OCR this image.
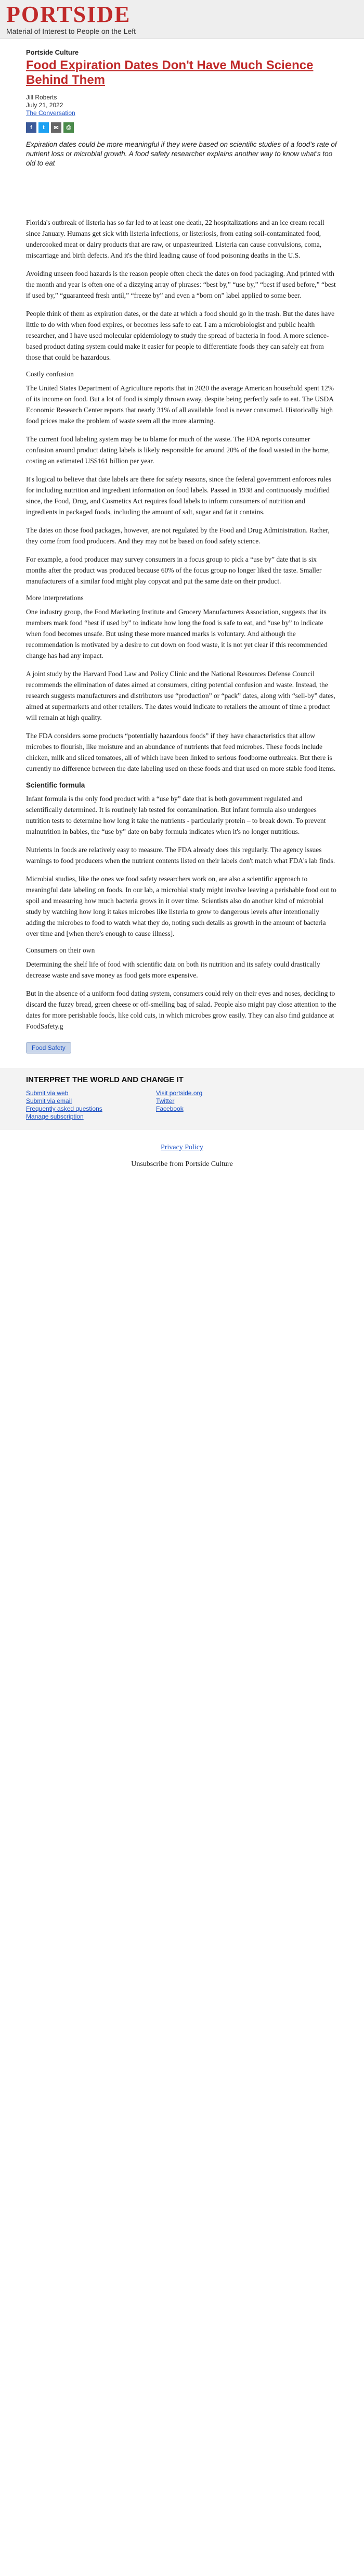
PORTSIDE
Material of Interest to People on the Left
Portside Culture
Food Expiration Dates Don't Have Much Science Behind Them
Jill Roberts
July 21, 2022
The Conversation
f	t	✉	⎙
Expiration dates could be more meaningful if they were based on scientific studies of a food's rate of nutrient loss or microbial growth. A food safety researcher explains another way to know what's too old to eat

Florida's outbreak of listeria has so far led to at least one death, 22 hospitalizations and an ice cream recall since January. Humans get sick with listeria infections, or listeriosis, from eating soil-contaminated food, undercooked meat or dairy products that are raw, or unpasteurized. Listeria can cause convulsions, coma, miscarriage and birth defects. And it's the third leading cause of food poisoning deaths in the U.S.

Avoiding unseen food hazards is the reason people often check the dates on food packaging. And printed with the month and year is often one of a dizzying array of phrases: “best by,” “use by,” “best if used before,” “best if used by,” “guaranteed fresh until,” “freeze by” and even a “born on” label applied to some beer.

People think of them as expiration dates, or the date at which a food should go in the trash. But the dates have little to do with when food expires, or becomes less safe to eat. I am a microbiologist and public health researcher, and I have used molecular epidemiology to study the spread of bacteria in food. A more science-based product dating system could make it easier for people to differentiate foods they can safely eat from those that could be hazardous.

Costly confusion

The United States Department of Agriculture reports that in 2020 the average American household spent 12% of its income on food. But a lot of food is simply thrown away, despite being perfectly safe to eat. The USDA Economic Research Center reports that nearly 31% of all available food is never consumed. Historically high food prices make the problem of waste seem all the more alarming.

The current food labeling system may be to blame for much of the waste. The FDA reports consumer confusion around product dating labels is likely responsible for around 20% of the food wasted in the home, costing an estimated US$161 billion per year.

It's logical to believe that date labels are there for safety reasons, since the federal government enforces rules for including nutrition and ingredient information on food labels. Passed in 1938 and continuously modified since, the Food, Drug, and Cosmetics Act requires food labels to inform consumers of nutrition and ingredients in packaged foods, including the amount of salt, sugar and fat it contains.

The dates on those food packages, however, are not regulated by the Food and Drug Administration. Rather, they come from food producers. And they may not be based on food safety science.

For example, a food producer may survey consumers in a focus group to pick a “use by” date that is six months after the product was produced because 60% of the focus group no longer liked the taste. Smaller manufacturers of a similar food might play copycat and put the same date on their product.

More interpretations

One industry group, the Food Marketing Institute and Grocery Manufacturers Association, suggests that its members mark food “best if used by” to indicate how long the food is safe to eat, and “use by” to indicate when food becomes unsafe. But using these more nuanced marks is voluntary. And although the recommendation is motivated by a desire to cut down on food waste, it is not yet clear if this recommended change has had any impact.

A joint study by the Harvard Food Law and Policy Clinic and the National Resources Defense Council recommends the elimination of dates aimed at consumers, citing potential confusion and waste. Instead, the research suggests manufacturers and distributors use “production” or “pack” dates, along with “sell-by” dates, aimed at supermarkets and other retailers. The dates would indicate to retailers the amount of time a product will remain at high quality.

The FDA considers some products “potentially hazardous foods” if they have characteristics that allow microbes to flourish, like moisture and an abundance of nutrients that feed microbes. These foods include chicken, milk and sliced tomatoes, all of which have been linked to serious foodborne outbreaks. But there is currently no difference between the date labeling used on these foods and that used on more stable food items.

Scientific formula

Infant formula is the only food product with a “use by” date that is both government regulated and scientifically determined. It is routinely lab tested for contamination. But infant formula also undergoes nutrition tests to determine how long it take the nutrients - particularly protein – to break down. To prevent malnutrition in babies, the “use by” date on baby formula indicates when it's no longer nutritious.

Nutrients in foods are relatively easy to measure. The FDA already does this regularly. The agency issues warnings to food producers when the nutrient contents listed on their labels don't match what FDA's lab finds.

Microbial studies, like the ones we food safety researchers work on, are also a scientific approach to meaningful date labeling on foods. In our lab, a microbial study might involve leaving a perishable food out to spoil and measuring how much bacteria grows in it over time. Scientists also do another kind of microbial study by watching how long it takes microbes like listeria to grow to dangerous levels after intentionally adding the microbes to food to watch what they do, noting such details as growth in the amount of bacteria over time and [when there's enough to cause illness].

Consumers on their own

Determining the shelf life of food with scientific data on both its nutrition and its safety could drastically decrease waste and save money as food gets more expensive.

But in the absence of a uniform food dating system, consumers could rely on their eyes and noses, deciding to discard the fuzzy bread, green cheese or off-smelling bag of salad. People also might pay close attention to the dates for more perishable foods, like cold cuts, in which microbes grow easily. They can also find guidance at FoodSafety.g

Food Safety
INTERPRET THE WORLD AND CHANGE IT
Submit via web
Submit via email
Frequently asked questions
Manage subscription
Visit portside.org
Twitter
Facebook
Privacy Policy
Unsubscribe from Portside Culture
